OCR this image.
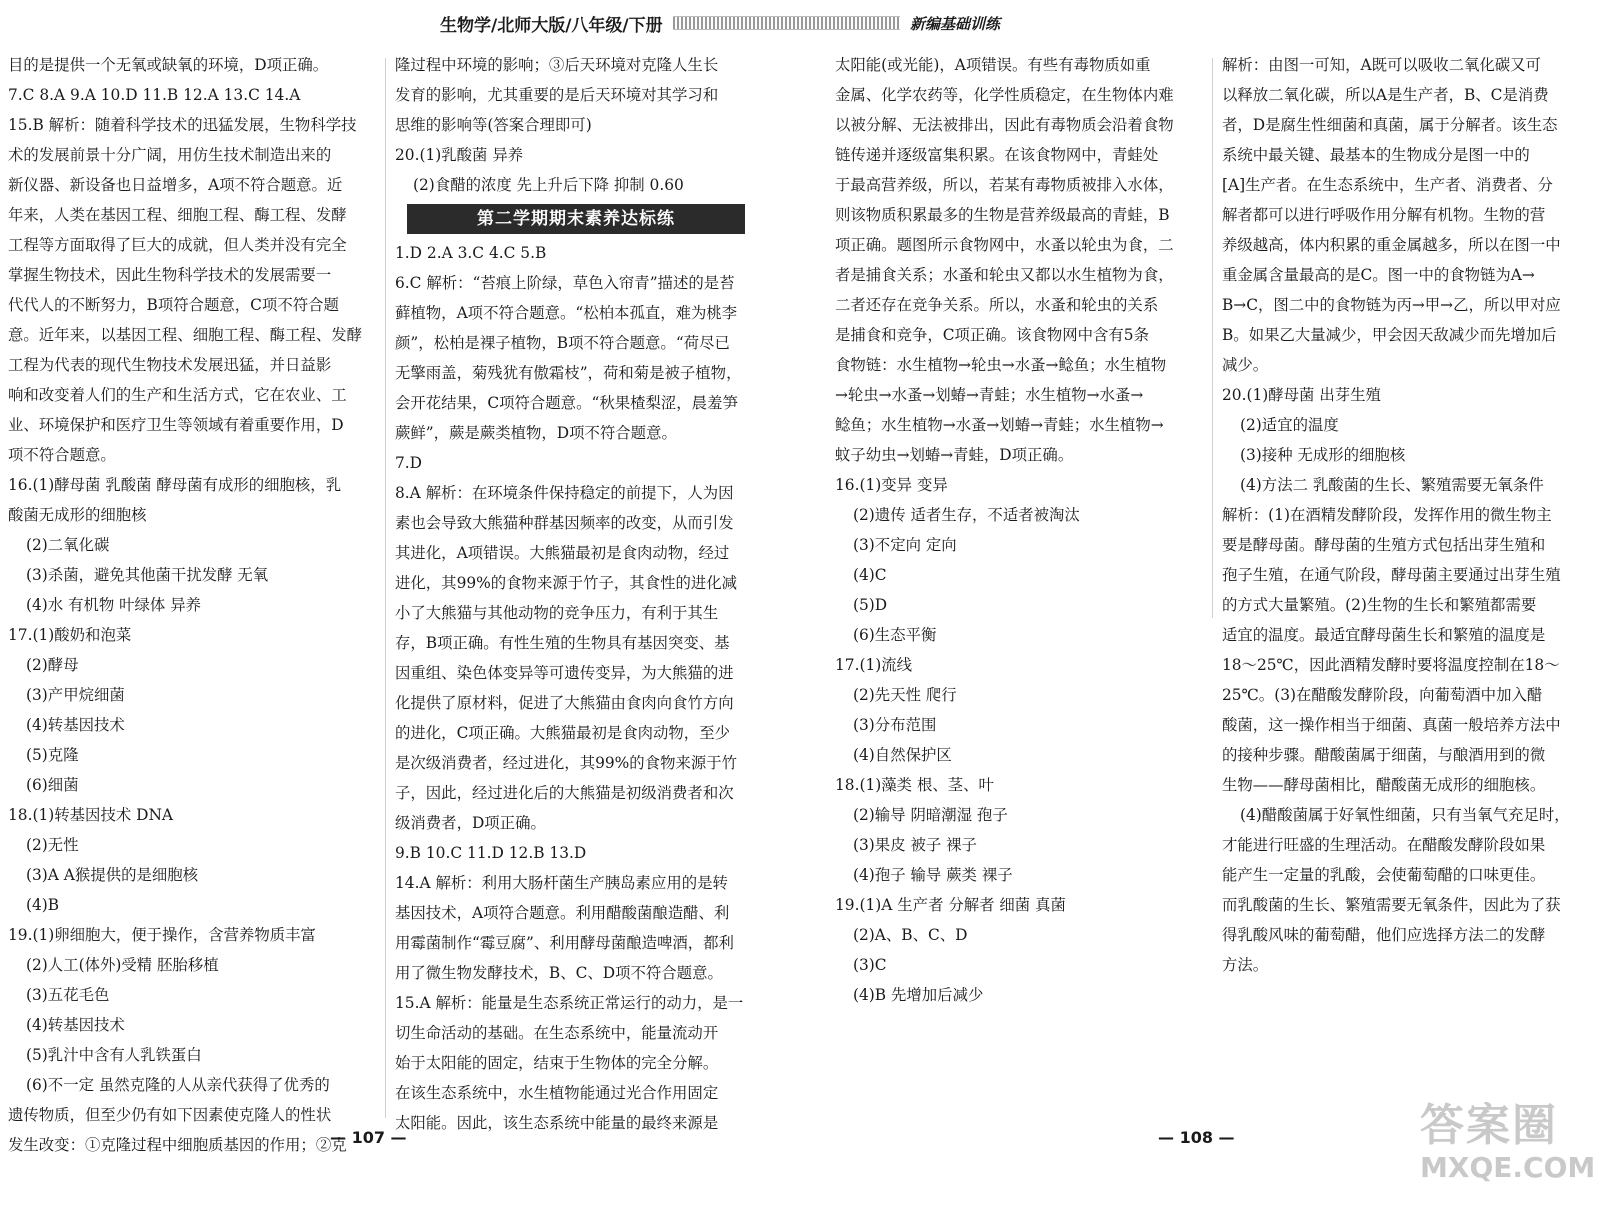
生物学/北师大版/八年级/下册	新编基础训练

目的是提供一个无氧或缺氧的环境，D项正确。

7.C 8.A 9.A 10.D 11.B 12.A 13.C 14.A

15.B 解析：随着科学技术的迅猛发展，生物科学技

术的发展前景十分广阔，用仿生技术制造出来的

新仪器、新设备也日益增多，A项不符合题意。近

年来，人类在基因工程、细胞工程、酶工程、发酵

工程等方面取得了巨大的成就，但人类并没有完全

掌握生物技术，因此生物科学技术的发展需要一

代代人的不断努力，B项符合题意，C项不符合题

意。近年来，以基因工程、细胞工程、酶工程、发酵

工程为代表的现代生物技术发展迅猛，并日益影

响和改变着人们的生产和生活方式，它在农业、工

业、环境保护和医疗卫生等领域有着重要作用，D

项不符合题意。

16.(1)酵母菌 乳酸菌 酵母菌有成形的细胞核，乳

酸菌无成形的细胞核

(2)二氧化碳

(3)杀菌，避免其他菌干扰发酵 无氧

(4)水 有机物 叶绿体 异养

17.(1)酸奶和泡菜

(2)酵母

(3)产甲烷细菌

(4)转基因技术

(5)克隆

(6)细菌

18.(1)转基因技术 DNA

(2)无性

(3)A A猴提供的是细胞核

(4)B

19.(1)卵细胞大，便于操作，含营养物质丰富

(2)人工(体外)受精 胚胎移植

(3)五花毛色

(4)转基因技术

(5)乳汁中含有人乳铁蛋白

(6)不一定 虽然克隆的人从亲代获得了优秀的

遗传物质，但至少仍有如下因素使克隆人的性状

发生改变：①克隆过程中细胞质基因的作用；②克

隆过程中环境的影响；③后天环境对克隆人生长

发育的影响，尤其重要的是后天环境对其学习和

思维的影响等(答案合理即可)

20.(1)乳酸菌 异养

(2)食醋的浓度 先上升后下降 抑制 0.60

第二学期期末素养达标练

1.D 2.A 3.C 4.C 5.B

6.C 解析：“苔痕上阶绿，草色入帘青”描述的是苔

藓植物，A项不符合题意。“松柏本孤直，难为桃李

颜”，松柏是裸子植物，B项不符合题意。“荷尽已

无擎雨盖，菊残犹有傲霜枝”，荷和菊是被子植物，

会开花结果，C项符合题意。“秋果楂梨涩，晨羞笋

蕨鲜”，蕨是蕨类植物，D项不符合题意。

7.D

8.A 解析：在环境条件保持稳定的前提下，人为因

素也会导致大熊猫种群基因频率的改变，从而引发

其进化，A项错误。大熊猫最初是食肉动物，经过

进化，其99%的食物来源于竹子，其食性的进化减

小了大熊猫与其他动物的竞争压力，有利于其生

存，B项正确。有性生殖的生物具有基因突变、基

因重组、染色体变异等可遗传变异，为大熊猫的进

化提供了原材料，促进了大熊猫由食肉向食竹方向

的进化，C项正确。大熊猫最初是食肉动物，至少

是次级消费者，经过进化，其99%的食物来源于竹

子，因此，经过进化后的大熊猫是初级消费者和次

级消费者，D项正确。

9.B 10.C 11.D 12.B 13.D

14.A 解析：利用大肠杆菌生产胰岛素应用的是转

基因技术，A项符合题意。利用醋酸菌酿造醋、利

用霉菌制作“霉豆腐”、利用酵母菌酿造啤酒，都利

用了微生物发酵技术，B、C、D项不符合题意。

15.A 解析：能量是生态系统正常运行的动力，是一

切生命活动的基础。在生态系统中，能量流动开

始于太阳能的固定，结束于生物体的完全分解。

在该生态系统中，水生植物能通过光合作用固定

太阳能。因此，该生态系统中能量的最终来源是

太阳能(或光能)，A项错误。有些有毒物质如重

金属、化学农药等，化学性质稳定，在生物体内难

以被分解、无法被排出，因此有毒物质会沿着食物

链传递并逐级富集积累。在该食物网中，青蛙处

于最高营养级，所以，若某有毒物质被排入水体，

则该物质积累最多的生物是营养级最高的青蛙，B

项正确。题图所示食物网中，水蚤以轮虫为食，二

者是捕食关系；水蚤和轮虫又都以水生植物为食，

二者还存在竞争关系。所以，水蚤和轮虫的关系

是捕食和竞争，C项正确。该食物网中含有5条

食物链：水生植物→轮虫→水蚤→鲶鱼；水生植物

→轮虫→水蚤→划蝽→青蛙；水生植物→水蚤→

鲶鱼；水生植物→水蚤→划蝽→青蛙；水生植物→

蚊子幼虫→划蝽→青蛙，D项正确。

16.(1)变异 变异

(2)遗传 适者生存，不适者被淘汰

(3)不定向 定向

(4)C

(5)D

(6)生态平衡

17.(1)流线

(2)先天性 爬行

(3)分布范围

(4)自然保护区

18.(1)藻类 根、茎、叶

(2)输导 阴暗潮湿 孢子

(3)果皮 被子 裸子

(4)孢子 输导 蕨类 裸子

19.(1)A 生产者 分解者 细菌 真菌

(2)A、B、C、D

(3)C

(4)B 先增加后减少

解析：由图一可知，A既可以吸收二氧化碳又可

以释放二氧化碳，所以A是生产者，B、C是消费

者，D是腐生性细菌和真菌，属于分解者。该生态

系统中最关键、最基本的生物成分是图一中的

[A]生产者。在生态系统中，生产者、消费者、分

解者都可以进行呼吸作用分解有机物。生物的营

养级越高，体内积累的重金属越多，所以在图一中

重金属含量最高的是C。图一中的食物链为A→

B→C，图二中的食物链为丙→甲→乙，所以甲对应

B。如果乙大量减少，甲会因天敌减少而先增加后

减少。

20.(1)酵母菌 出芽生殖

(2)适宜的温度

(3)接种 无成形的细胞核

(4)方法二 乳酸菌的生长、繁殖需要无氧条件

解析：(1)在酒精发酵阶段，发挥作用的微生物主

要是酵母菌。酵母菌的生殖方式包括出芽生殖和

孢子生殖，在通气阶段，酵母菌主要通过出芽生殖

的方式大量繁殖。(2)生物的生长和繁殖都需要

适宜的温度。最适宜酵母菌生长和繁殖的温度是

18～25℃，因此酒精发酵时要将温度控制在18～

25℃。(3)在醋酸发酵阶段，向葡萄酒中加入醋

酸菌，这一操作相当于细菌、真菌一般培养方法中

的接种步骤。醋酸菌属于细菌，与酿酒用到的微

生物——酵母菌相比，醋酸菌无成形的细胞核。

(4)醋酸菌属于好氧性细菌，只有当氧气充足时，

才能进行旺盛的生理活动。在醋酸发酵阶段如果

能产生一定量的乳酸，会使葡萄醋的口味更佳。

而乳酸菌的生长、繁殖需要无氧条件，因此为了获

得乳酸风味的葡萄醋，他们应选择方法二的发酵

方法。

— 107 —	— 108 —	答案圈
MXQE.COM
